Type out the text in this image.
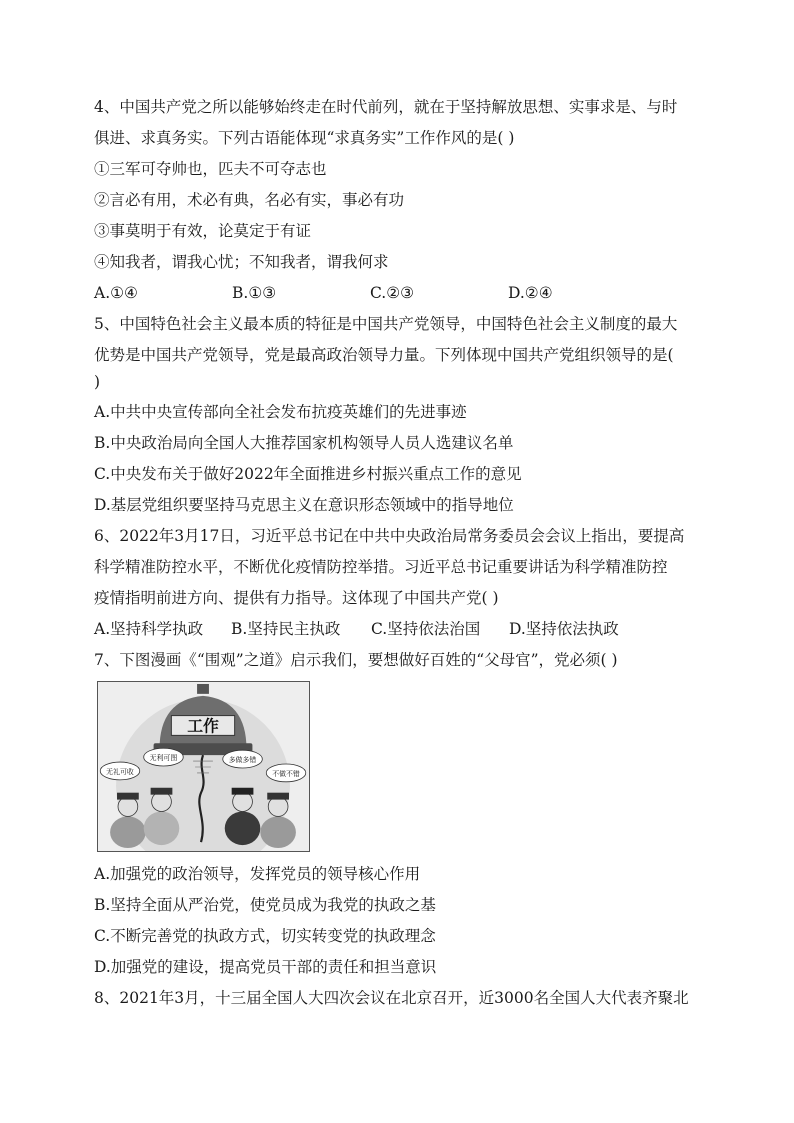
4、中国共产党之所以能够始终走在时代前列，就在于坚持解放思想、实事求是、与时

俱进、求真务实。下列古语能体现“求真务实”工作作风的是( )

①三军可夺帅也，匹夫不可夺志也

②言必有用，术必有典，名必有实，事必有功

③事莫明于有效，论莫定于有证

④知我者，谓我心忧；不知我者，谓我何求

A.①④	B.①③	C.②③	D.②④

5、中国特色社会主义最本质的特征是中国共产党领导，中国特色社会主义制度的最大

优势是中国共产党领导，党是最高政治领导力量。下列体现中国共产党组织领导的是(

)

A.中共中央宣传部向全社会发布抗疫英雄们的先进事迹

B.中央政治局向全国人大推荐国家机构领导人员人选建议名单

C.中央发布关于做好2022年全面推进乡村振兴重点工作的意见

D.基层党组织要坚持马克思主义在意识形态领域中的指导地位

6、2022年3月17日，习近平总书记在中共中央政治局常务委员会会议上指出，要提高

科学精准防控水平，不断优化疫情防控举措。习近平总书记重要讲话为科学精准防控

疫情指明前进方向、提供有力指导。这体现了中国共产党( )

A.坚持科学执政 B.坚持民主执政 C.坚持依法治国 D.坚持依法执政

7、下图漫画《“围观”之道》启示我们，要想做好百姓的“父母官”，党必须( )

工作
无礼可收
无利可图	多做多错
不做不错

A.加强党的政治领导，发挥党员的领导核心作用

B.坚持全面从严治党，使党员成为我党的执政之基

C.不断完善党的执政方式，切实转变党的执政理念

D.加强党的建设，提高党员干部的责任和担当意识

8、2021年3月，十三届全国人大四次会议在北京召开，近3000名全国人大代表齐聚北
